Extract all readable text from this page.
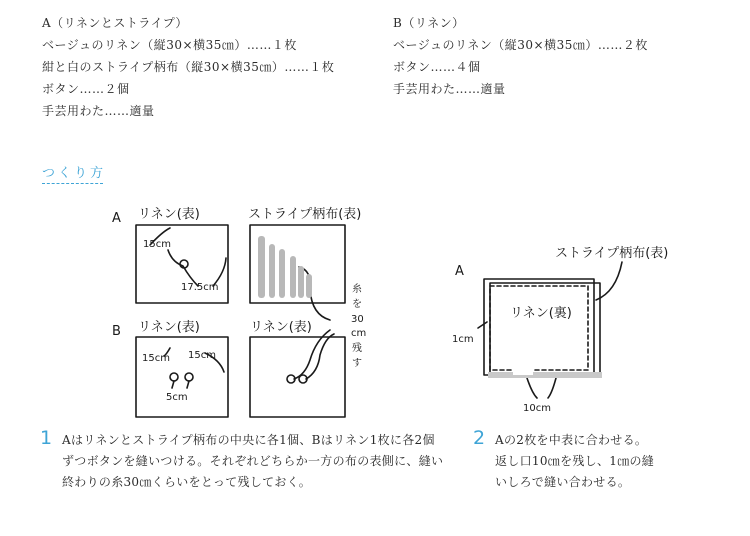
A（リネンとストライプ）
ベージュのリネン（縦30×横35㎝）……１枚
紺と白のストライプ柄布（縦30×横35㎝）……１枚
ボタン……２個
手芸用わた……適量
B（リネン）
ベージュのリネン（縦30×横35㎝）……２枚
ボタン……４個
手芸用わた……適量
つくり方
A リネン(表)	ストライプ柄布(表)
B リネン(表)	リネン(表)
A
ストライプ柄布(表)
リネン(裏)
15cm
17.5cm
15cm 15cm
5cm
糸
を
30
cm
残
す
1cm
10cm
1 Aはリネンとストライプ柄布の中央に各1個、Bはリネン1枚に各2個
ずつボタンを縫いつける。それぞれどちらか一方の布の表側に、縫い
終わりの糸30㎝くらいをとって残しておく。
2 Aの2枚を中表に合わせる。
返し口10㎝を残し、1㎝の縫
いしろで縫い合わせる。
